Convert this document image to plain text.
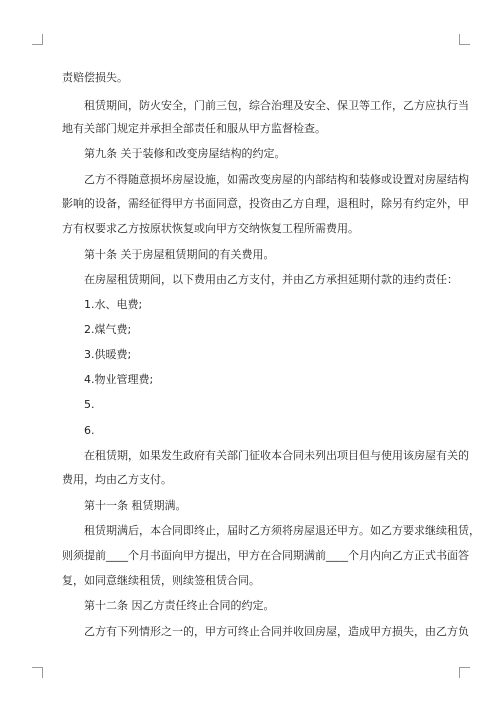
责赔偿损失。
租赁期间，防火安全，门前三包，综合治理及安全、保卫等工作，乙方应执行当
地有关部门规定并承担全部责任和服从甲方监督检查。
第九条 关于装修和改变房屋结构的约定。
乙方不得随意损坏房屋设施，如需改变房屋的内部结构和装修或设置对房屋结构
影响的设备，需经征得甲方书面同意，投资由乙方自理，退租时，除另有约定外，甲
方有权要求乙方按原状恢复或向甲方交纳恢复工程所需费用。
第十条 关于房屋租赁期间的有关费用。
在房屋租赁期间，以下费用由乙方支付，并由乙方承担延期付款的违约责任：
1.水、电费;
2.煤气费;
3.供暖费;
4.物业管理费;
5.
6.
在租赁期，如果发生政府有关部门征收本合同未列出项目但与使用该房屋有关的
费用，均由乙方支付。
第十一条 租赁期满。
租赁期满后，本合同即终止，届时乙方须将房屋退还甲方。如乙方要求继续租赁，
则须提前____个月书面向甲方提出，甲方在合同期满前____个月内向乙方正式书面答
复，如同意继续租赁，则续签租赁合同。
第十二条 因乙方责任终止合同的约定。
乙方有下列情形之一的，甲方可终止合同并收回房屋，造成甲方损失，由乙方负
